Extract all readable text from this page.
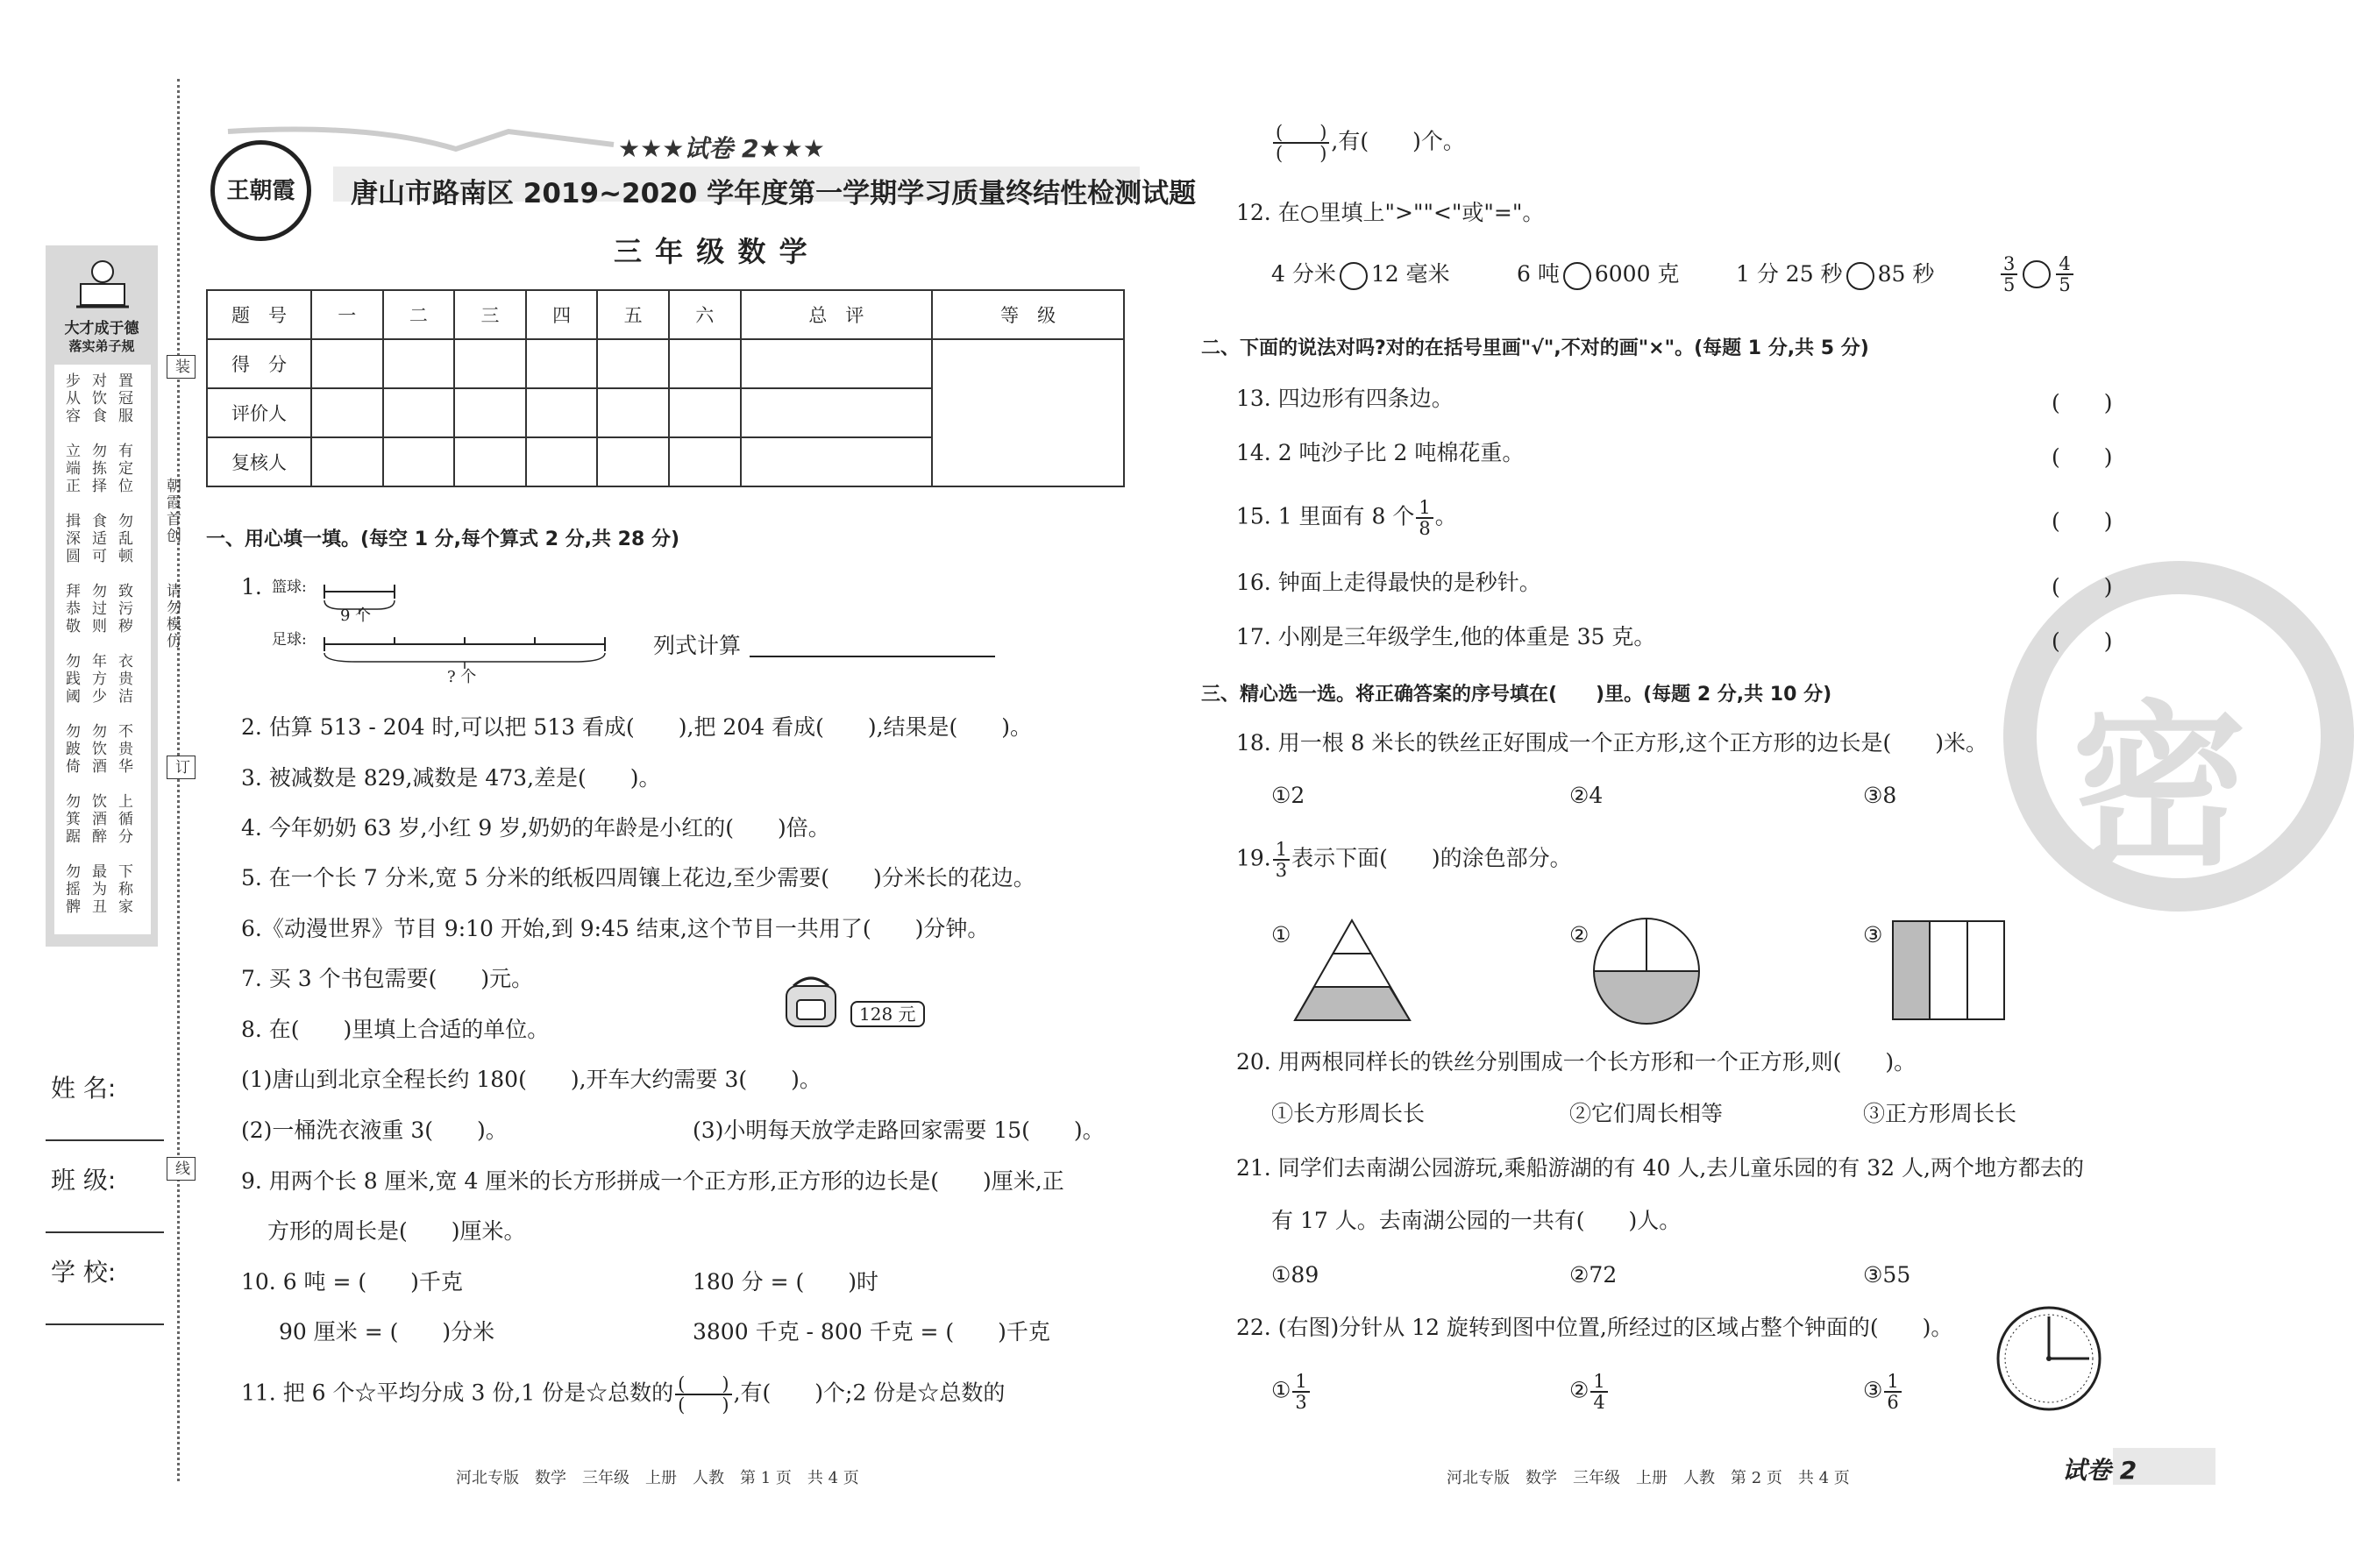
大才成于德
落实弟子规
步从容 对饮食 置冠服
立端正 勿拣择 有定位
揖深圆 食适可 勿乱顿
拜恭敬 勿过则 致污秽
勿践阈 年方少 衣贵洁
勿跛倚 勿饮酒 不贵华
勿箕踞 饮酒醉 上循分
勿摇髀 最为丑 下称家
装
朝霞首创
请勿模仿
订
线
姓 名:
班 级:
学 校:
王朝霞
★★★试卷 2★★★
唐山市路南区 2019~2020 学年度第一学期学习质量终结性检测试题
三 年 级 数 学
题　号	一	二	三	四	五	六	总　评	等　级
得　分								
评价人								
复核人								
一、用心填一填。(每空 1 分,每个算式 2 分,共 28 分)
1. 篮球:
9 个
足球:
? 个
列式计算
2. 估算 513 - 204 时,可以把 513 看成(　　),把 204 看成(　　),结果是(　　)。
3. 被减数是 829,减数是 473,差是(　　)。
4. 今年奶奶 63 岁,小红 9 岁,奶奶的年龄是小红的(　　)倍。
5. 在一个长 7 分米,宽 5 分米的纸板四周镶上花边,至少需要(　　)分米长的花边。
6.《动漫世界》节目 9:10 开始,到 9:45 结束,这个节目一共用了(　　)分钟。
7. 买 3 个书包需要(　　)元。
128 元
8. 在(　　)里填上合适的单位。
(1)唐山到北京全程长约 180(　　),开车大约需要 3(　　)。
(2)一桶洗衣液重 3(　　)。	(3)小明每天放学走路回家需要 15(　　)。
9. 用两个长 8 厘米,宽 4 厘米的长方形拼成一个正方形,正方形的边长是(　　)厘米,正
方形的周长是(　　)厘米。
10. 6 吨 = (　　)千克	180 分 = (　　)时
90 厘米 = (　　)分米	3800 千克 - 800 千克 = (　　)千克
11. 把 6 个☆平均分成 3 份,1 份是☆总数的 $\frac{( )}{( )}$ ,有(　　)个;2 份是☆总数的
河北专版　数学　三年级　上册　人教　第 1 页　共 4 页
密
$\frac{( )}{( )}$ ,有(　　)个。
12. 在○里填上">""<"或"="。
4 分米 12 毫米	6 吨 6000 克	1 分 25 秒 85 秒	$\frac{3}{5} \frac{4}{5}$
二、下面的说法对吗?对的在括号里画"√",不对的画"×"。(每题 1 分,共 5 分)
13. 四边形有四条边。	(　　)
14. 2 吨沙子比 2 吨棉花重。	(　　)
15. 1 里面有 8 个 $\frac{1}{8}$ 。	(　　)
16. 钟面上走得最快的是秒针。	(　　)
17. 小刚是三年级学生,他的体重是 35 克。	(　　)
三、精心选一选。将正确答案的序号填在(　　)里。(每题 2 分,共 10 分)
18. 用一根 8 米长的铁丝正好围成一个正方形,这个正方形的边长是(　　)米。
①2	②4	③8
19. $\frac{1}{3}$ 表示下面(　　)的涂色部分。
①	②	③
20. 用两根同样长的铁丝分别围成一个长方形和一个正方形,则(　　)。
①长方形周长长	②它们周长相等	③正方形周长长
21. 同学们去南湖公园游玩,乘船游湖的有 40 人,去儿童乐园的有 32 人,两个地方都去的
有 17 人。去南湖公园的一共有(　　)人。
①89	②72	③55
22. (右图)分针从 12 旋转到图中位置,所经过的区域占整个钟面的(　　)。
① $\frac{1}{3}$	② $\frac{1}{4}$	③ $\frac{1}{6}$
河北专版　数学　三年级　上册　人教　第 2 页　共 4 页	试卷 2
